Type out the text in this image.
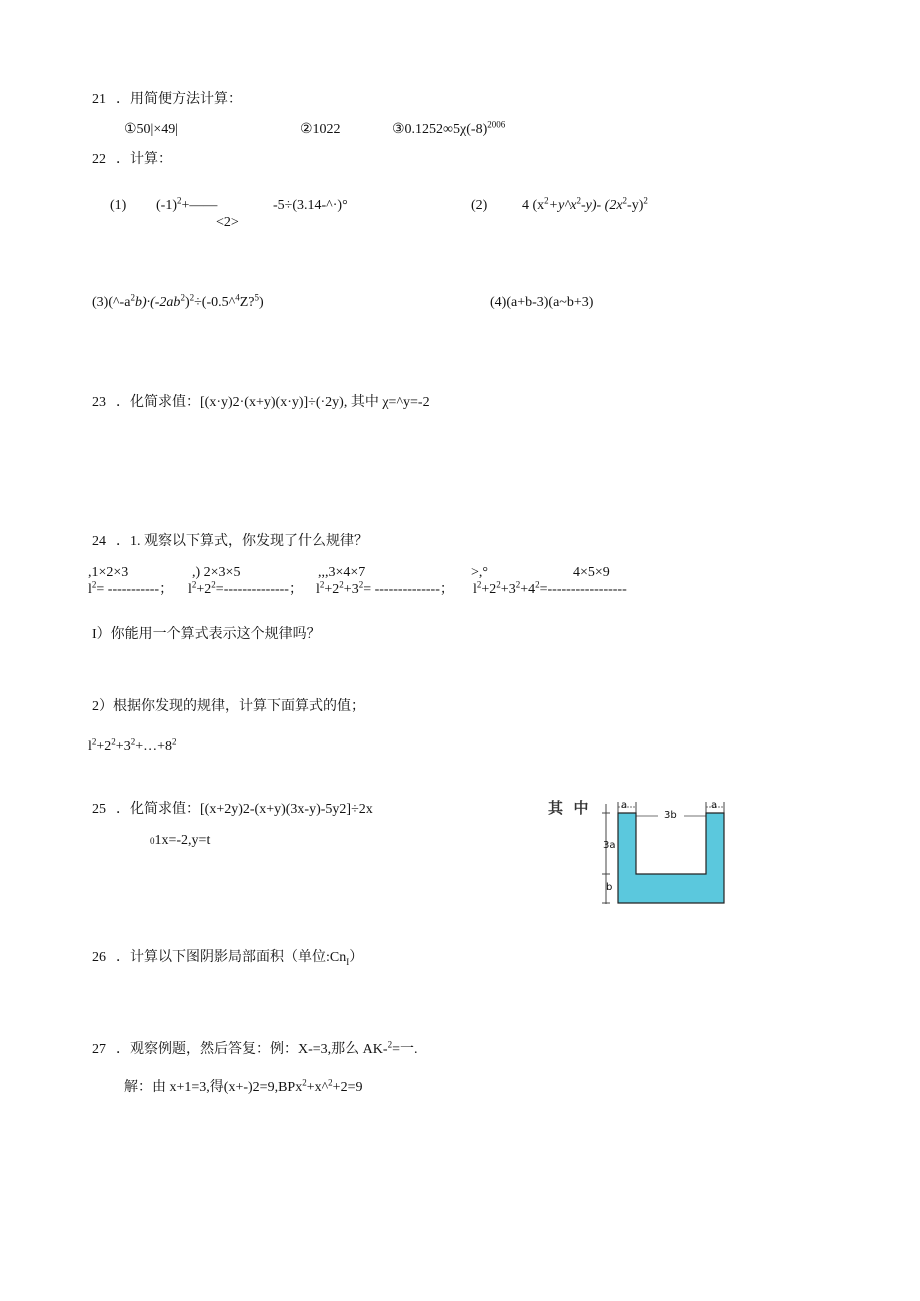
21 ．用简便方法计算：
①50|×49|	②1022	$③0.1252\infty 5\chi(-8)^{2006}$
22 ．计算：
(1) $(-1)^2+——$	-5÷(3.14-^·)°
<2>
(2) 4 $(x^2+y\^{}x^2-y)-$ $(2x^2-y)^2$
$(3)(\^{}-a^2b)\cdot(-2ab^2)^2\div(-0.5\^{}^4Z?^5)$	(4)(a+b-3)(a~b+3)
23 ．化简求值：[(x·y)2·(x+y)(x·y)]÷(·2y), 其中 χ=^y=-2
24 ．1. 观察以下算式，你发现了什么规律？
,1×2×3	,) 2×3×5	,,,3×4×7	>,°	4×5×9
$l^2=$ -----------； $l^2+2^2=--------------$； $l^2+2^2+3^2=$ --------------； $l^2+2^2+3^2+4^2=-----------------$
I）你能用一个算式表示这个规律吗？
2）根据你发现的规律，计算下面算式的值；
$l^2+2^2+3^2+\dots+8^2$
25 ．化简求值：[(x+2y)2-(x+y)(3x-y)-5y2]÷2x
01x=-2,y=t
其  中	a
3b
a
3a
b
26 ．计算以下图阴影局部面积（单位$:Cn_I$）
27 ．观察例题，然后答复：例：X-=3,那么 AK-$^2$=一.
解：由 x+1=3,得(x+-)2=9,BPx$^2$+x^$^2$+2=9
